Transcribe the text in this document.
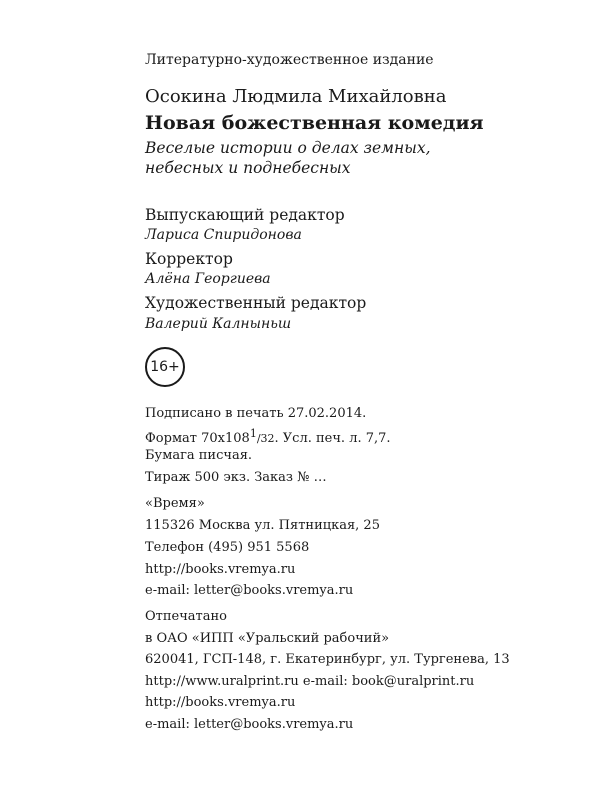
Литературно-художественное издание
Осокина Людмила Михайловна
Новая божественная комедия
Веселые истории о делах земных,
небесных и поднебесных
Выпускающий редактор
Лариса Спиридонова
Корректор
Алёна Георгиева
Художественный редактор
Валерий Калныньш
16+
Подписано в печать 27.02.2014.
Формат $70х108^1/32$. Усл. печ. л. 7,7.
Бумага писчая.
Тираж 500 экз. Заказ № …
«Время»
115326 Москва ул. Пятницкая, 25
Телефон (495) 951 5568
http://books.vremya.ru
e-mail: letter@books.vremya.ru
Отпечатано
в ОАО «ИПП «Уральский рабочий»
620041, ГСП-148, г. Екатеринбург, ул. Тургенева, 13
http://www.uralprint.ru e-mail: book@uralprint.ru
http://books.vremya.ru
e-mail: letter@books.vremya.ru
